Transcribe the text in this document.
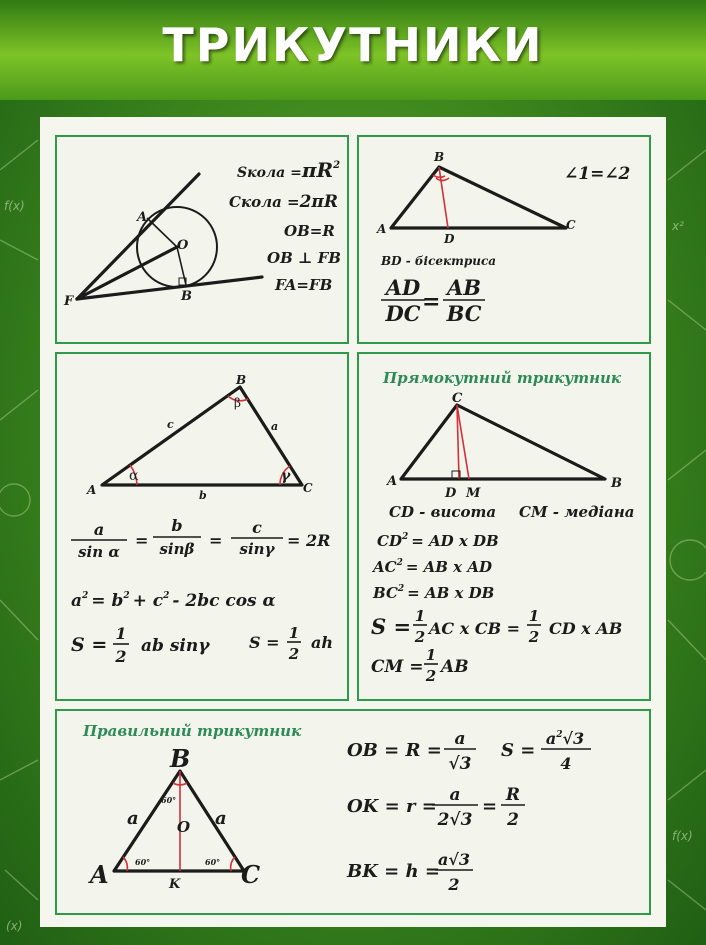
f(x)
x²
(x)
f(x)
ТРИКУТНИКИ
A
O
B
F
Sкола $=\pi R^2$
Cкола =2πR
OB=R
OB ⊥ FB
FA=FB
B
A
D
C
∠1=∠2
BD - бісектриса
AD
DC =
AB
BC
B
A	C
c	a
b
α
β
γ
a
sin α
=
b
sinβ =
c
sinγ = 2R
$a^2 = b^2 + c^2 - 2bc$ cos α
S =
1
2
ab sinγ S = 1
2
ah
Прямокутний трикутник
C
A
D M
B
CD - висота CM - медіана
$CD^2$ = AD x DB
$AC^2$ = AB x AD
$BC^2$ = AB x DB
S = 1
2 AC x CB =
1
2 CD x AB
CM =
1
2 AB
Правильний трикутник
B
a	a
O
A	K	C
60°	60°
60°
OB = R =
a
√3
S =
$a^2√3$
4
OK = r =
a
2√3
=
R
2
BK = h =
a√3
2
